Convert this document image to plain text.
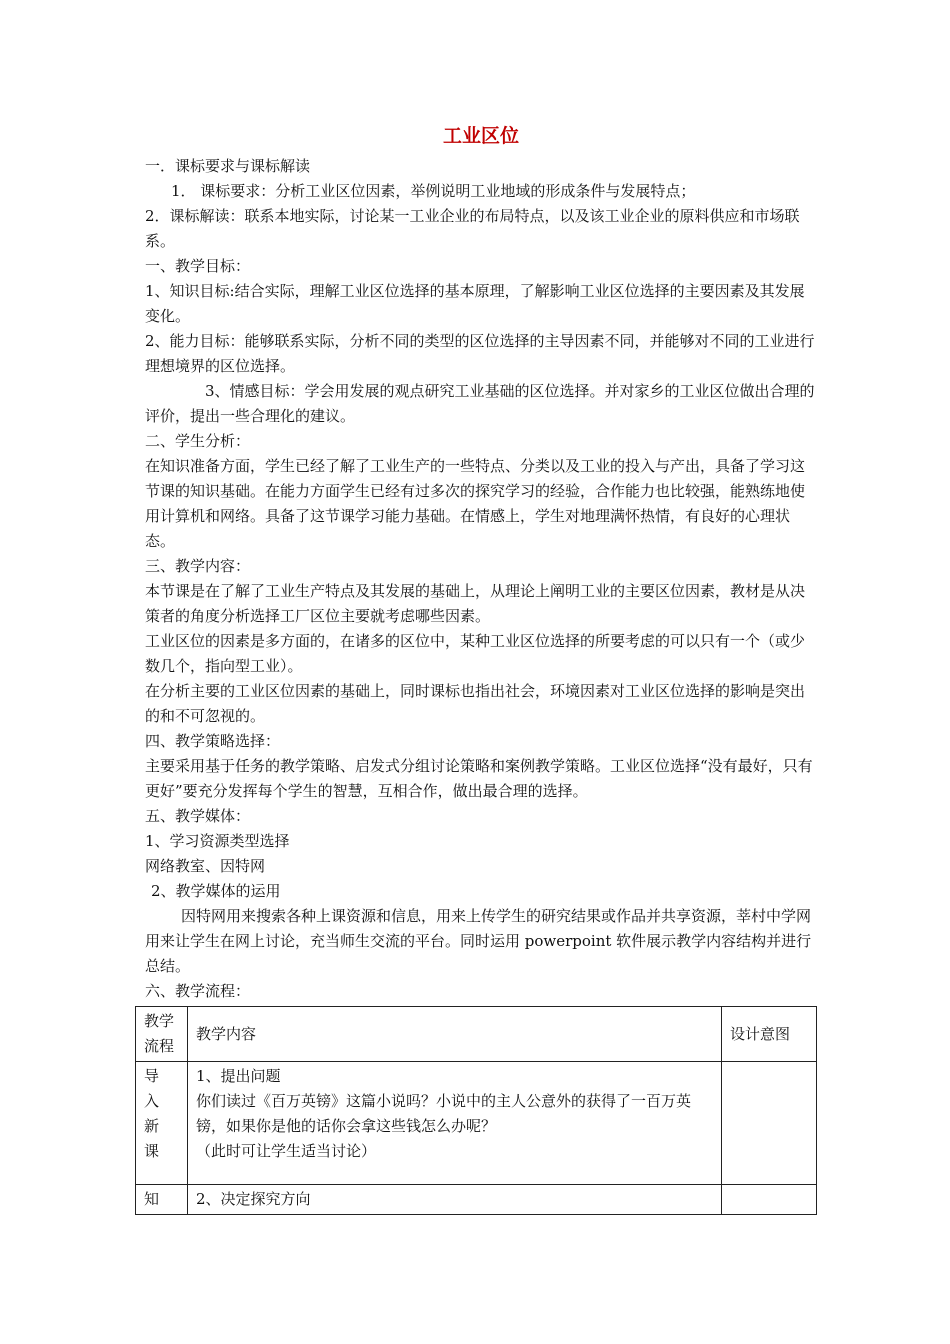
工业区位

一．课标要求与课标解读

1． 课标要求：分析工业区位因素，举例说明工业地域的形成条件与发展特点；

2．课标解读：联系本地实际，讨论某一工业企业的布局特点，以及该工业企业的原料供应和市场联系。

一、教学目标：

1、知识目标:结合实际，理解工业区位选择的基本原理，了解影响工业区位选择的主要因素及其发展变化。

2、能力目标：能够联系实际，分析不同的类型的区位选择的主导因素不同，并能够对不同的工业进行理想境界的区位选择。

3、情感目标：学会用发展的观点研究工业基础的区位选择。并对家乡的工业区位做出合理的评价，提出一些合理化的建议。

二、学生分析：

在知识准备方面，学生已经了解了工业生产的一些特点、分类以及工业的投入与产出，具备了学习这节课的知识基础。在能力方面学生已经有过多次的探究学习的经验，合作能力也比较强，能熟练地使用计算机和网络。具备了这节课学习能力基础。在情感上，学生对地理满怀热情，有良好的心理状态。

三、教学内容：

本节课是在了解了工业生产特点及其发展的基础上，从理论上阐明工业的主要区位因素，教材是从决策者的角度分析选择工厂区位主要就考虑哪些因素。

工业区位的因素是多方面的，在诸多的区位中，某种工业区位选择的所要考虑的可以只有一个（或少数几个，指向型工业）。

在分析主要的工业区位因素的基础上，同时课标也指出社会，环境因素对工业区位选择的影响是突出的和不可忽视的。

四、教学策略选择：

主要采用基于任务的教学策略、启发式分组讨论策略和案例教学策略。工业区位选择“没有最好，只有更好”要充分发挥每个学生的智慧，互相合作，做出最合理的选择。

五、教学媒体：

1、学习资源类型选择

网络教室、因特网

2、教学媒体的运用

因特网用来搜索各种上课资源和信息，用来上传学生的研究结果或作品并共享资源，莘村中学网用来让学生在网上讨论，充当师生交流的平台。同时运用 powerpoint 软件展示教学内容结构并进行总结。

六、教学流程：

教学流程	教学内容	设计意图

导入新课	1、提出问题
你们读过《百万英镑》这篇小说吗？小说中的主人公意外的获得了一百万英镑，如果你是他的话你会拿这些钱怎么办呢？
（此时可让学生适当讨论）	

知	2、决定探究方向	
